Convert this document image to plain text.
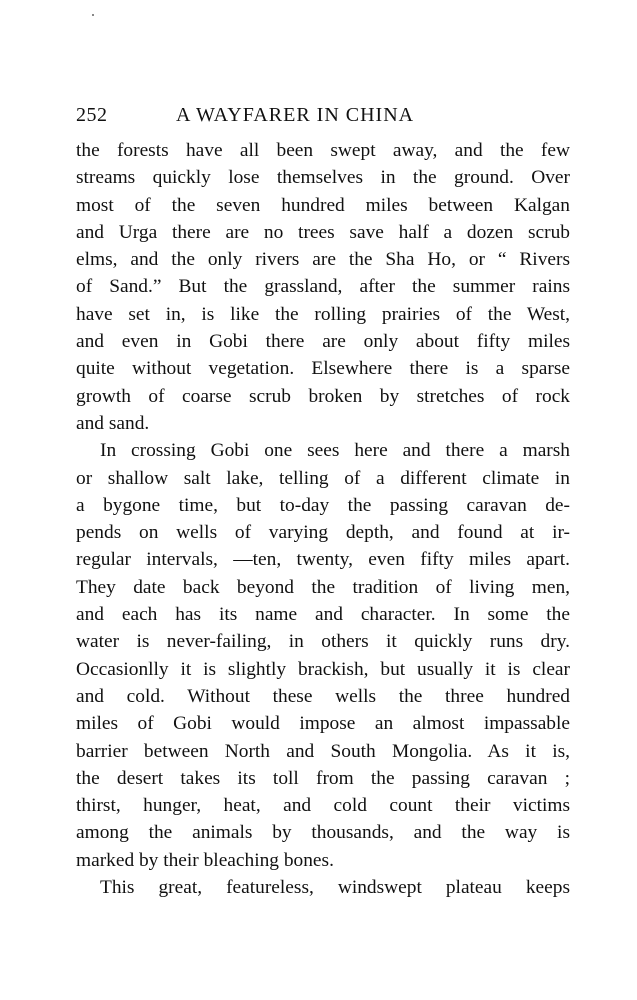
252	A WAYFARER IN CHINA
the forests have all been swept away, and the few
streams quickly lose themselves in the ground. Over
most of the seven hundred miles between Kalgan
and Urga there are no trees save half a dozen scrub
elms, and the only rivers are the Sha Ho, or “ Rivers
of Sand.” But the grassland, after the summer rains
have set in, is like the rolling prairies of the West,
and even in Gobi there are only about fifty miles
quite without vegetation. Elsewhere there is a sparse
growth of coarse scrub broken by stretches of rock
and sand.
In crossing Gobi one sees here and there a marsh
or shallow salt lake, telling of a different climate in
a bygone time, but to-day the passing caravan de-
pends on wells of varying depth, and found at ir-
regular intervals, —ten, twenty, even fifty miles apart.
They date back beyond the tradition of living men,
and each has its name and character. In some the
water is never-failing, in others it quickly runs dry.
Occasionlly it is slightly brackish, but usually it is clear
and cold. Without these wells the three hundred
miles of Gobi would impose an almost impassable
barrier between North and South Mongolia. As it is,
the desert takes its toll from the passing caravan ;
thirst, hunger, heat, and cold count their victims
among the animals by thousands, and the way is
marked by their bleaching bones.
This great, featureless, windswept plateau keeps
